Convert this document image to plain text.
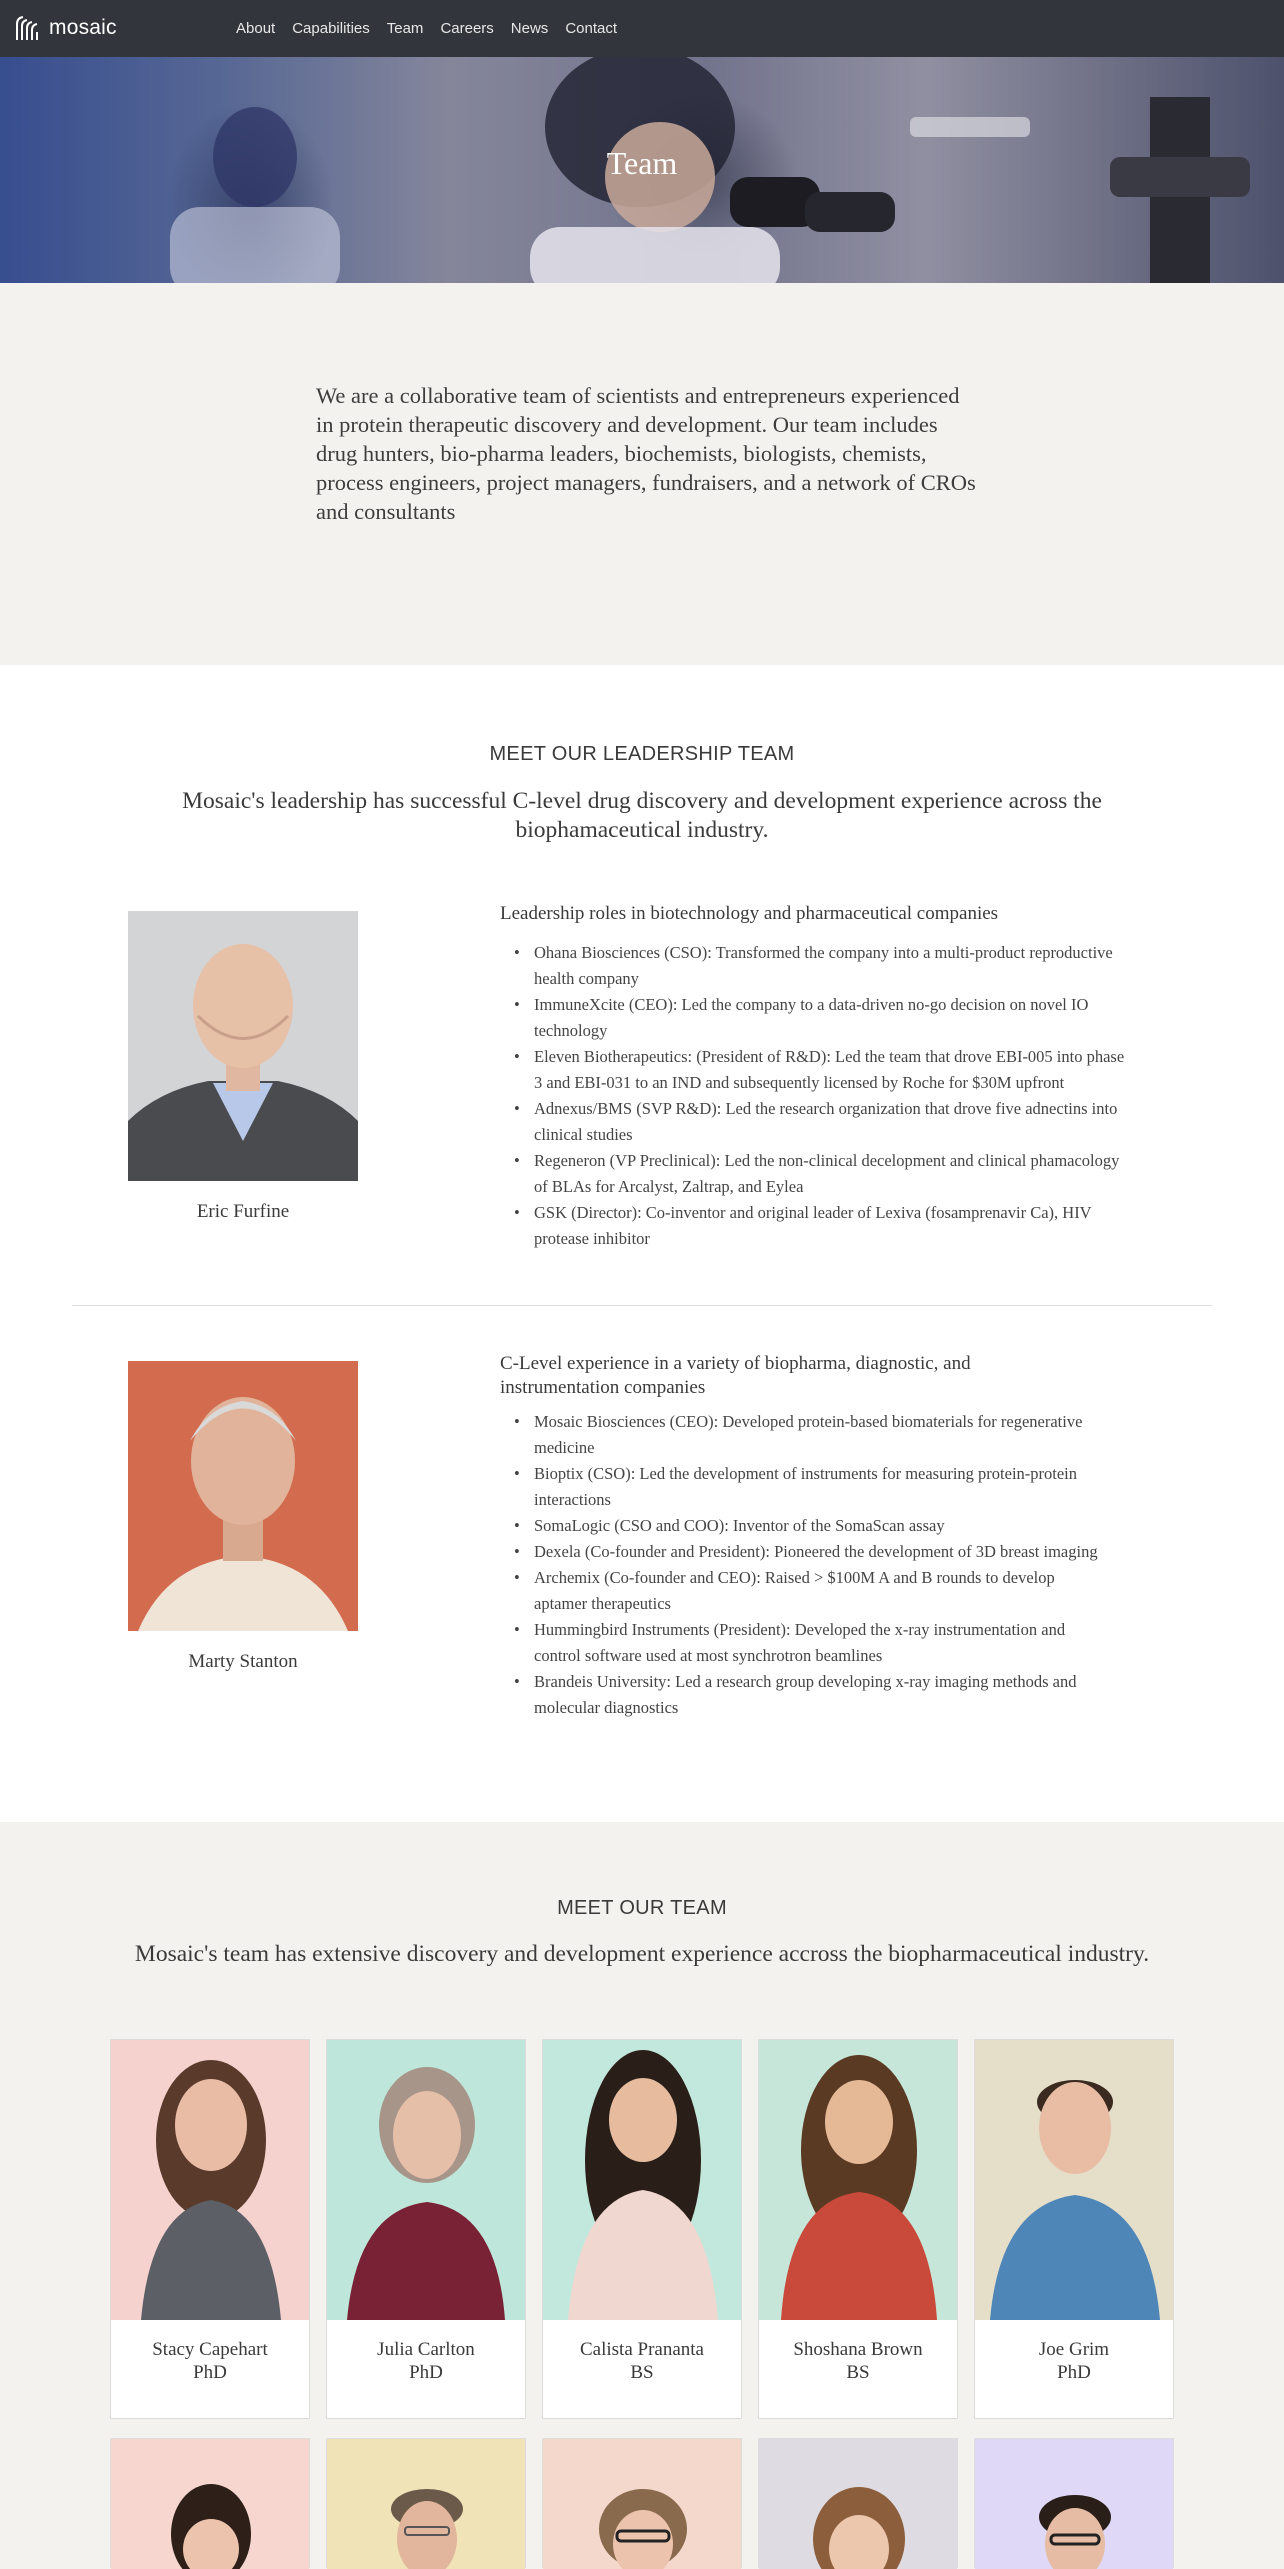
mosaic	About Capabilities Team Careers News Contact
Team

We are a collaborative team of scientists and entrepreneurs experienced in protein therapeutic discovery and development. Our team includes drug hunters, bio-pharma leaders, biochemists, biologists, chemists, process engineers, project managers, fundraisers, and a network of CROs and consultants

MEET OUR LEADERSHIP TEAM
Mosaic's leadership has successful C-level drug discovery and development experience across the biophamaceutical industry.
Eric Furfine
Leadership roles in biotechnology and pharmaceutical companies
• Ohana Biosciences (CSO): Transformed the company into a multi-product reproductive health company
• ImmuneXcite (CEO): Led the company to a data-driven no-go decision on novel IO technology
• Eleven Biotherapeutics: (President of R&D): Led the team that drove EBI-005 into phase 3 and EBI-031 to an IND and subsequently licensed by Roche for $30M upfront
• Adnexus/BMS (SVP R&D): Led the research organization that drove five adnectins into clinical studies
• Regeneron (VP Preclinical): Led the non-clinical decelopment and clinical phamacology of BLAs for Arcalyst, Zaltrap, and Eylea
• GSK (Director): Co-inventor and original leader of Lexiva (fosamprenavir Ca), HIV protease inhibitor
Marty Stanton
C-Level experience in a variety of biopharma, diagnostic, and instrumentation companies
• Mosaic Biosciences (CEO): Developed protein-based biomaterials for regenerative medicine
• Bioptix (CSO): Led the development of instruments for measuring protein-protein interactions
• SomaLogic (CSO and COO): Inventor of the SomaScan assay
• Dexela (Co-founder and President): Pioneered the development of 3D breast imaging
• Archemix (Co-founder and CEO): Raised > $100M A and B rounds to develop aptamer therapeutics
• Hummingbird Instruments (President): Developed the x-ray instrumentation and control software used at most synchrotron beamlines
• Brandeis University: Led a research group developing x-ray imaging methods and molecular diagnostics
MEET OUR TEAM
Mosaic's team has extensive discovery and development experience accross the biopharmaceutical industry.
Stacy Capehart
PhD
Julia Carlton
PhD
Calista Prananta
BS
Shoshana Brown
BS
Joe Grim
PhD
